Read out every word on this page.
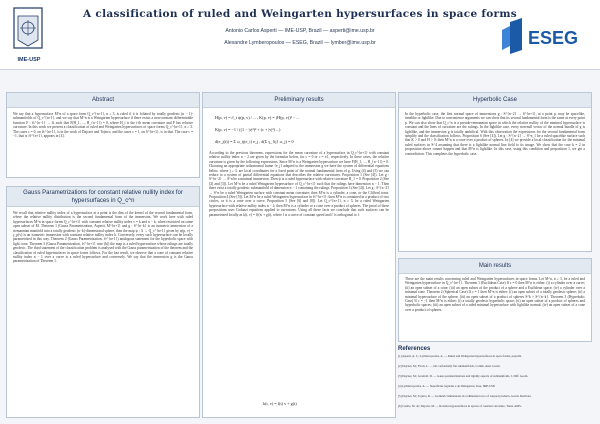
IME-USP
A classification of ruled and Weingarten hypersurfaces in space forms
Antonio Carlos Asperti — IME-USP, Brazil — asperti@ime.usp.br
Alexandre Lymberopoulos — ESEG, Brazil — lymber@ime.usp.br	ESEG
Abstract
We say that a hypersurface M^n of a space form Q_c^{n+1}, n ≥ 3, is ruled if it is foliated by totally geodesic (n − 1)-submanifolds of Q_c^{n+1}, and we say that M^n is a Weingarten hypersurface if there exists a non-constant differentiable function F : ℝ^{n−1} → ℝ such that F(H_1, ..., H_{n−1}) = 0, where H_i is the i-th mean curvature and F has relative curvature. In this work we present a classification of ruled and Weingarten hypersurfaces of space forms Q_c^{n+1}, n ≥ 3. The cases c = 0, on ℝ^{n+1}, is in the work of Dajczer and Tojeiro, and the cases c = 1, on S^{n+1}, is in that. The case c = −1, that is ℍ^{n+1}, appears in [4].
Gauss Parametrizations for constant relative nullity index for hypersurfaces in Q_c^n
We recall that relative nullity index of a hypersurface at a point is the dim of the kernel of the second fundamental form, where the relative nullity distribution is the second fundamental form of the immersion. We work here with ruled hypersurfaces M^n in space forms Q_c^{n+1} with constant relative nullity index ν = k and n − k, when restricted on some open subset of M. Theorem 1 (Gauss Parametrization, Asperti, M^{n+1} and g : S^{n−k} is an isometric immersion of a riemannian manifold into a totally geodesic (n−k)-dimensional sphere, then the map ψ : Λ → Q_c^{n+1} given by ψ(p, v) = γ_p(v) is an isometric immersion with constant relative nullity index k. Conversely, every such hypersurface can be locally parametrized in this way. Theorem 2 (Gauss Parametrization, ℍ^{n+1}) analogous statement for the hyperbolic space with light cone. Theorem 3 (Gauss Parametrization, ℍ^{n+1} case (b)) the map is a ruled hypersurface whose rulings are totally geodesic. The third statement of the classification problem is analysed with the Gauss parametrization of the theorem and the classification of ruled hypersurfaces in space forms follows. For the last result, we observe that a cone of constant relative nullity index n − 1 over a curve is a ruled hypersurface and conversely. We say that the immersion g is the Gauss parametrization of Theorem 1.
Preliminary results
H(p, v) = ∂_t ψ(p, v) / ... , K(p, v) = (H(p, v))² − ...
K(p, v) = −1 / ((1 − |v|²)² + (c + |v|²) ...)
d(e_j(t)) = Σ ω_ij(e_i) e_j , d(Σ γ_{ij} ω_j) = 0
According to the previous theorems, expressions for the mean curvature of a hypersurface in Q_c^{n+1} with constant relative nullity index n − 2 are given by the formulas below, for c = 0 or c = ±1, respectively. In these cases, the relative curvature is given by the following expressions. Since M^n is a Weingarten hypersurface we have F(H_1, ..., H_{n−1}) = 0. Choosing an appropriate orthonormal frame {e_j} adapted to the immersion g we have the system of differential equations below, where j ≥ 3, are local coordinates for a fixed point of the normal fundamental form of g. Using (4) and (5) we can reduce to a system of partial differential equations that describes the relative curvatures. Proposition 1 (See [4]). Let g : S^{n−2} → S^n be a minimal immersion. Then ψ is a ruled hypersurface with relative curvature H_1 = 0. Proposition 2 (See [2] and [3]). Let M^n be a ruled Weingarten hypersurface of Q_c^{n+1} such that the rulings have dimension n − 1. Then there exist a totally geodesic submanifold of dimension n − 1 containing the rulings. Proposition 3 (See [4]). Let g : S^{n−2} → S^n be a ruled Weingarten surface with constant mean curvature; then M^n is a cylinder, a cone, or the Clifford torus. Proposition 4 (See [5]). Let M^n be a ruled Weingarten hypersurface in ℍ^{n+1}; then M^n is contained in a product of two circles, or it is a cone over a curve. Proposition 5 (See [6] and [8]). Let Q_c^{n+1}, n ≥ 3, be a ruled Weingarten hypersurface with relative nullity index n − 2; then M^n is a cylinder or a cone over a product of spheres. The proof of these propositions uses Codazzi equations applied to curvatures. Using all these facts we conclude that such surfaces can be parametrized locally as k(t, v) = f(t)v + g(t), where f is a curve of constant speed and f' is orthogonal to f.
k(t, v) = f(t) v + g(t)
Hyperbolic Case
In the hyperbolic case, the first normal space of immersions g : S^{n−2} → S^{n+1}, at a point p, may be spacelike, timelike or lightlike. Due to convenience arguments we can show that its second fundamental form is the same at every point p. We can also show that Q_c^n is a pseudo-riemannian space in which the relative nullity of the minimal hypersurface is constant and the lines of curvature are the rulings. In the lightlike case, every non-null vector of the normal bundle of g is lightlike, and the immersion g is totally umbilical. With this observation the expressions for the second fundamental form simplify and the classification follows. Proposition 6 (See [4]). Let g : S^{n−2} → S^n_1 be a ruled spacelike surface such that K > 0 and H > 0; then M^n is a cone over a product of spheres. In [4] we provide a local classification for the minimal ruled surfaces in S^4 assuming that there is a lightlike normal line field to its image. We show that the case k = 2 in proposition above cannot happen and that M^n is lightlike. In this case, using this condition and proposition 1, we get a contradiction. This completes the hyperbolic case.
Main results
These are the main results concerning ruled and Weingarten hypersurfaces in space forms. Let M^n, n ≥ 3, be a ruled and Weingarten hypersurface in Q_c^{n+1}. Theorem 1 (Euclidean Case) If c = 0 then M^n is either: (i) a cylinder over a curve; (ii) an open subset of a cone; (iii) an open subset of the product of a sphere and a Euclidean space; (iv) a cylinder over a minimal cone. Theorem 2 (Spherical Case) If c = 1 then M^n is either: (i) an open subset of a totally geodesic sphere; (ii) a minimal hypersurface of the sphere; (iii) an open subset of a product of spheres S^k × S^{n−k}. Theorem 3 (Hyperbolic Case) If c = −1 then M^n is either: (i) a totally geodesic hyperbolic space; (ii) an open subset of a product of spheres and hyperbolic spaces; (iii) an open subset of a ruled minimal hypersurface with lightlike normal; (iv) an open subset of a cone over a product of spheres.
References
[1] Asperti, A. C.; Lymberopoulos, A. — Ruled and Weingarten hypersurfaces in space forms, preprint.
[2] Dajczer, M.; Florit, L. — On conformally flat submanifolds, Comm. Anal. Geom.
[3] Dajczer, M.; Gromoll, D. — Gauss parametrizations and rigidity aspects of submanifolds, J. Diff. Geom.
[4] Lymberopoulos, A. — Superfícies regradas e de Weingarten, Tese, IME-USP.
[5] Dajczer, M.; Tojeiro, R. — Isometric immersions in codimension two of warped products, Geom. Dedicata.
[6] Carmo, M. do; Dajczer, M. — Rotation hypersurfaces in spaces of constant curvature, Trans. AMS.
